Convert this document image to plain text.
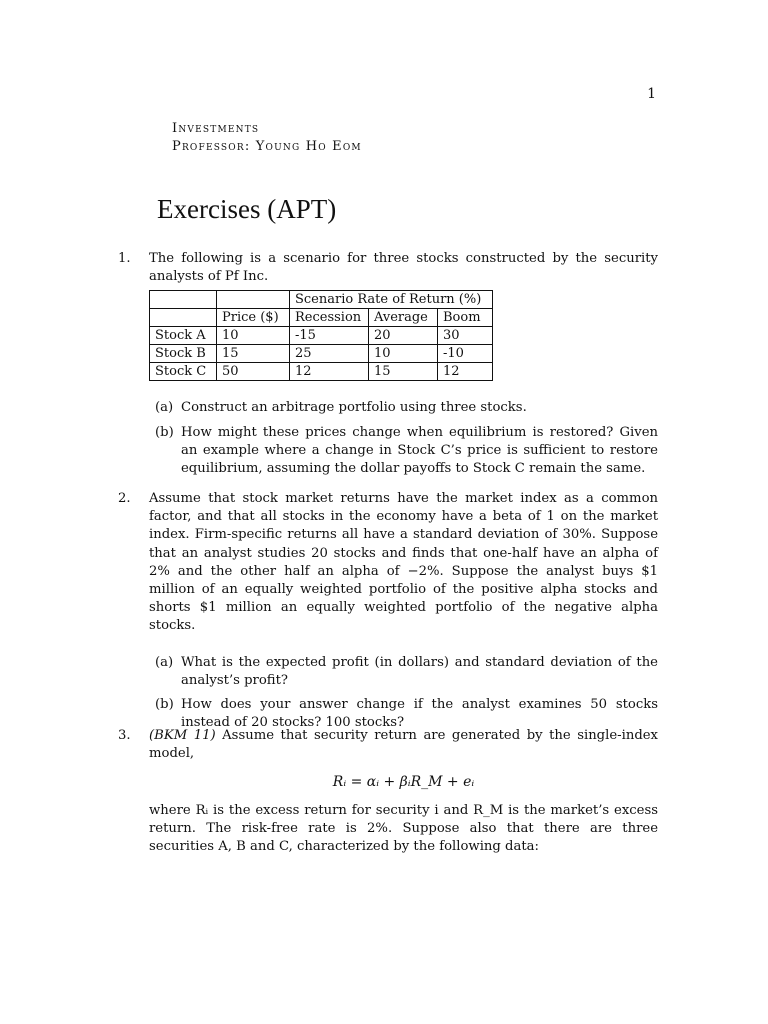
1
Investments
Professor: Young Ho Eom
Exercises (APT)
1.	The following is a scenario for three stocks constructed by the security analysts of Pf Inc.
		Scenario Rate of Return (%)		
	Price ($)	Recession	Average	Boom
Stock A	10	-15	20	30
Stock B	15	25	10	-10
Stock C	50	12	15	12
(a) Construct an arbitrage portfolio using three stocks.
(b) How might these prices change when equilibrium is restored? Given an example where a change in Stock C’s price is sufficient to restore equilibrium, assuming the dollar payoffs to Stock C remain the same.
2.	Assume that stock market returns have the market index as a common factor, and that all stocks in the economy have a beta of 1 on the market index. Firm-specific returns all have a standard deviation of 30%. Suppose that an analyst studies 20 stocks and finds that one-half have an alpha of 2% and the other half an alpha of −2%. Suppose the analyst buys $1 million of an equally weighted portfolio of the positive alpha stocks and shorts $1 million an equally weighted portfolio of the negative alpha stocks.
(a) What is the expected profit (in dollars) and standard deviation of the analyst’s profit?
(b) How does your answer change if the analyst examines 50 stocks instead of 20 stocks? 100 stocks?
3.	(BKM 11) Assume that security return are generated by the single-index model,
Rᵢ = αᵢ + βᵢR_M + eᵢ
where Rᵢ is the excess return for security i and R_M is the market’s excess return. The risk-free rate is 2%. Suppose also that there are three securities A, B and C, characterized by the following data:
